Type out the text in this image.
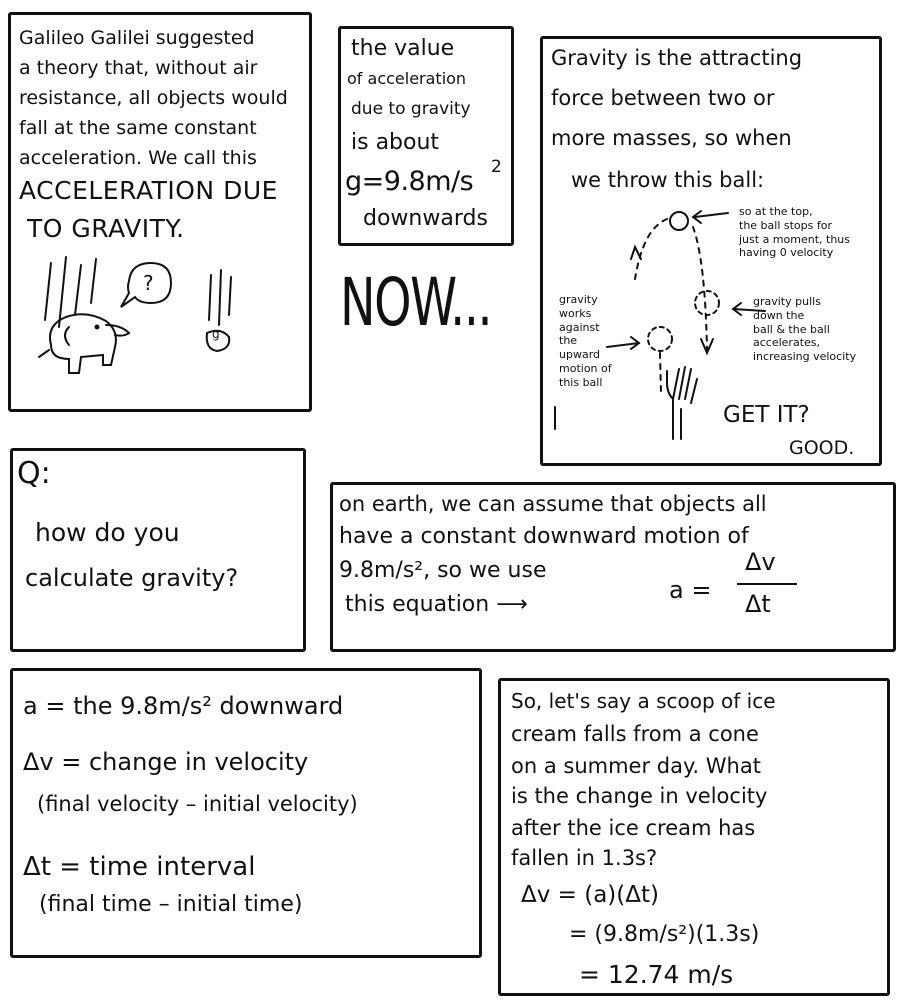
Galileo Galilei suggested
a theory that, without air
resistance, all objects would
fall at the same constant
acceleration. We call this
ACCELERATION DUE
TO GRAVITY.
?
g
the value
of acceleration
due to gravity
is about
g=9.8m/s 2
downwards
NOW...
Gravity is the attracting
force between two or
more masses, so when
we throw this ball:
so at the top,
the ball stops for
just a moment, thus
having 0 velocity
gravity
works
against
the
upward
motion of
this ball
gravity pulls
down the
ball & the ball
accelerates,
increasing velocity
GET IT?
GOOD.
Q:
how do you
calculate gravity?
on earth, we can assume that objects all
have a constant downward motion of
9.8m/s², so we use
this equation ⟶
a =
Δv
Δt
a = the 9.8m/s² downward
Δv = change in velocity
(final velocity – initial velocity)
Δt = time interval
(final time – initial time)
So, let's say a scoop of ice
cream falls from a cone
on a summer day. What
is the change in velocity
after the ice cream has
fallen in 1.3s?
Δv = (a)(Δt)
= (9.8m/s²)(1.3s)
= 12.74 m/s
